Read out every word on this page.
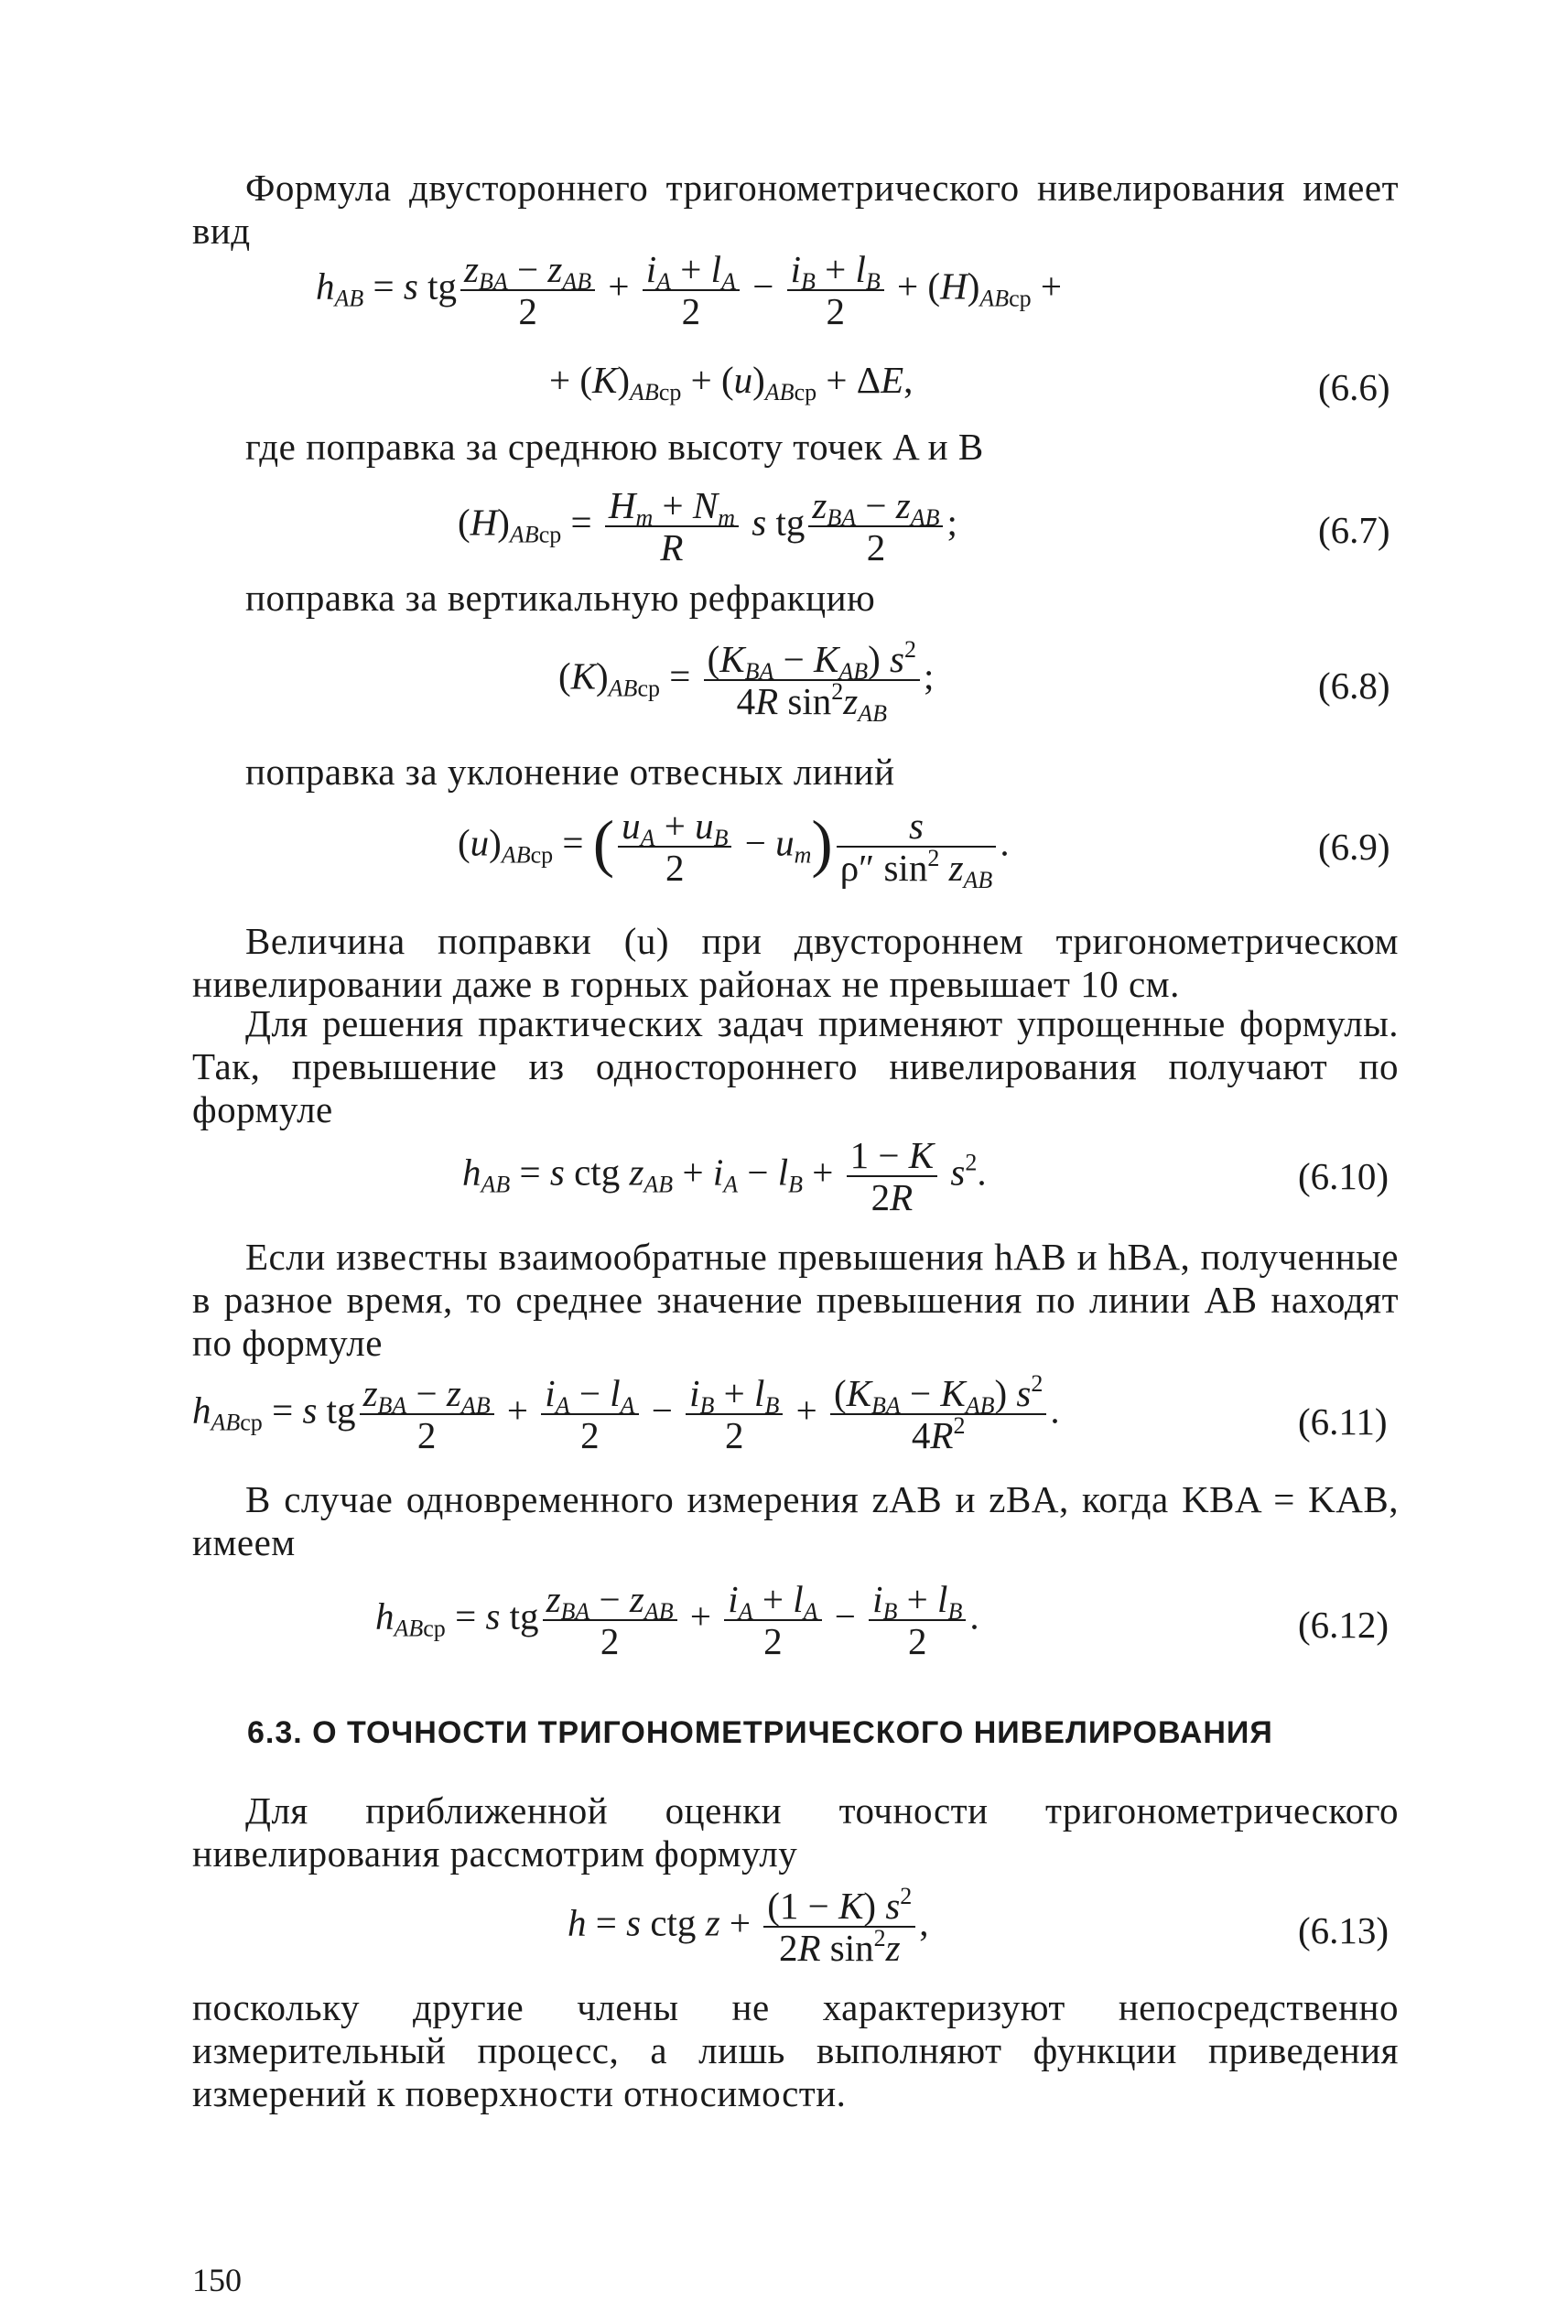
Формула двустороннего тригонометрического нивелирования имеет вид
$h_{AB} = s$ tg $\frac{z_{BA} - z_{AB}}{2} + \frac{i_A + l_A}{2} - \frac{i_B + l_B}{2} + (H)_{ABср}$ +
+ $(K)_{ABср} + (u)_{ABср} + \Delta E$,	(6.6)
где поправка за среднюю высоту точек A и B
$(H)_{ABср} = \frac{H_m + N_m}{R}$ s tg $\frac{z_{BA} - z_{AB}}{2}$ ;	(6.7)
поправка за вертикальную рефракцию
$(K)_{ABср} = \frac{(K_{BA} - K_{AB}) s^2}{4R \sin^2z_{AB}}$ ;	(6.8)
поправка за уклонение отвесных линий
$(u)_{ABср}$ = ( $\frac{u_A + u_B}{2} - u_m) \frac{s}{\rho'' \sin^2 z_{AB}}$ .	(6.9)
Величина поправки (u) при двустороннем тригонометрическом нивелировании даже в горных районах не превышает 10 см.
Для решения практических задач применяют упрощенные формулы. Так, превышение из одностороннего нивелирования получают по формуле
$h_{AB} = s$ ctg $z_{AB} + i_A - l_B + \frac{1 - K}{2R} s^2$.	(6.10)
Если известны взаимообратные превышения hAB и hBA, полученные в разное время, то среднее значение превышения по линии AB находят по формуле
$h_{ABср} = s$ tg $\frac{z_{BA} - z_{AB}}{2} + \frac{i_A - l_A}{2} - \frac{i_B + l_B}{2} + \frac{(K_{BA} - K_{AB}) s^2}{4R^2}$ .	(6.11)
В случае одновременного измерения zAB и zBA, когда KBA = KAB, имеем
$h_{ABср} = s$ tg $\frac{z_{BA} - z_{AB}}{2} + \frac{i_A + l_A}{2} - \frac{i_B + l_B}{2}$ .	(6.12)
6.3. О ТОЧНОСТИ ТРИГОНОМЕТРИЧЕСКОГО НИВЕЛИРОВАНИЯ
Для приближенной оценки точности тригонометрического нивелирования рассмотрим формулу
h = s ctg $z + \frac{(1 - K) s^2}{2R \sin^2z}$ ,	(6.13)
поскольку другие члены не характеризуют непосредственно измерительный процесс, а лишь выполняют функции приведения измерений к поверхности относимости.
150
